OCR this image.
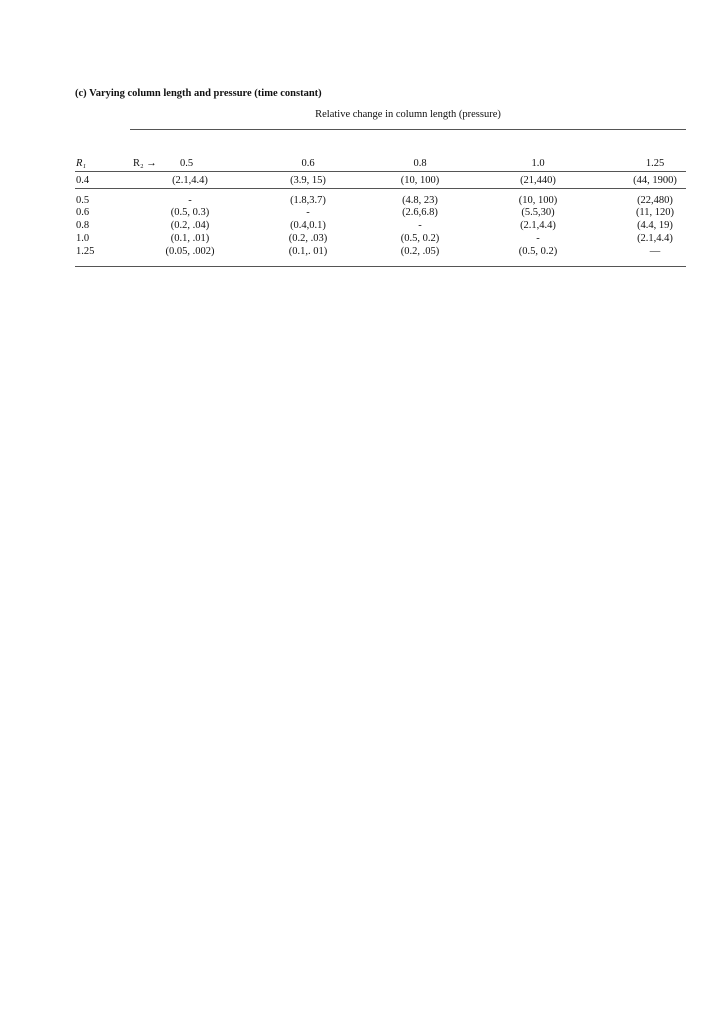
(c) Varying column length and pressure (time constant)
Relative change in column length (pressure)
R₁	R₂ → 0.5	0.6	0.8	1.0	1.25
0.4	(2.1,4.4)	(3.9, 15)	(10, 100)	(21,440)	(44, 1900)
0.5	-	(1.8,3.7)	(4.8, 23)	(10, 100)	(22,480)
0.6	(0.5, 0.3)	-	(2.6,6.8)	(5.5,30)	(11, 120)
0.8	(0.2, .04)	(0.4,0.1)	-	(2.1,4.4)	(4.4, 19)
1.0	(0.1, .01)	(0.2, .03)	(0.5, 0.2)	-	(2.1,4.4)
1.25	(0.05, .002)	(0.1,. 01)	(0.2, .05)	(0.5, 0.2)	—
